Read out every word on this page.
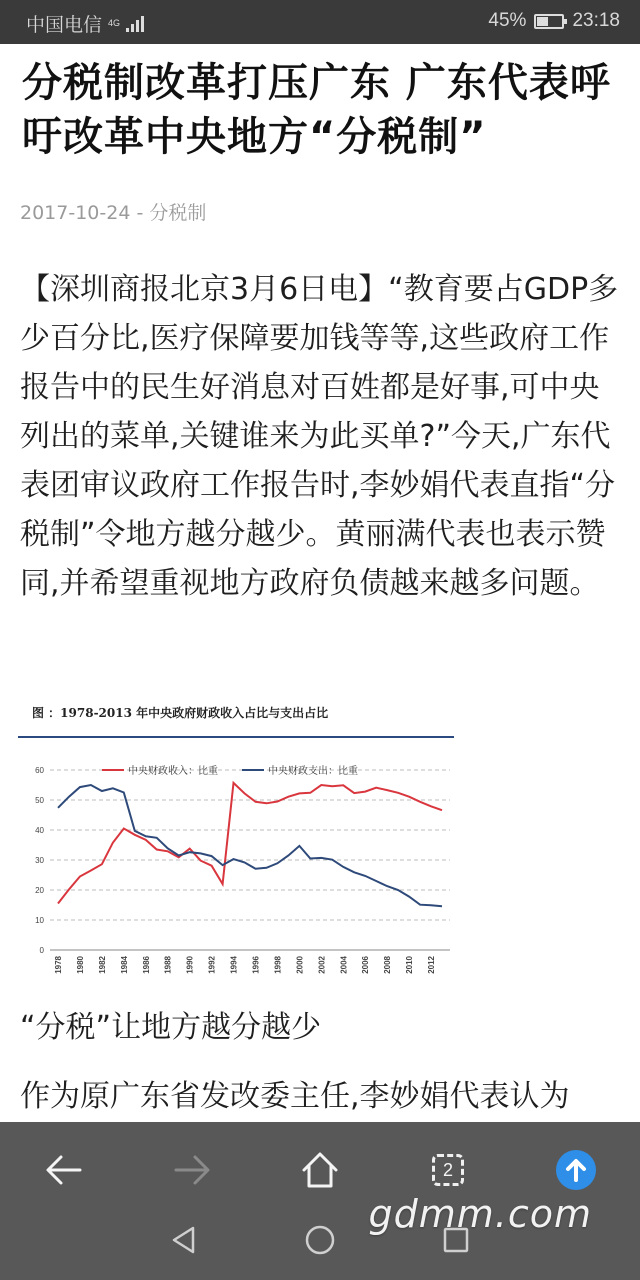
中国电信 4G	45% 23:18
分税制改革打压广东 广东代表呼吁改革中央地方“分税制”
2017-10-24 - 分税制

【深圳商报北京3月6日电】“教育要占GDP多少百分比,医疗保障要加钱等等,这些政府工作报告中的民生好消息对百姓都是好事,可中央列出的菜单,关键谁来为此买单?”今天,广东代表团审议政府工作报告时,李妙娟代表直指“分税制”令地方越分越少。黄丽满代表也表示赞同,并希望重视地方政府负债越来越多问题。

图 ：1978-2013 年中央政府财政收入占比与支出占比
0
10
20
30
40
50
60
1978 1980 1982 1984 1986 1988 1990 1992 1994 1996 1998 2000 2002 2004 2006 2008 2010 2012
中央财政收入：比重	中央财政支出：比重

“分税”让地方越分越少

作为原广东省发改委主任,李妙娟代表认为

2
gdmm.com
